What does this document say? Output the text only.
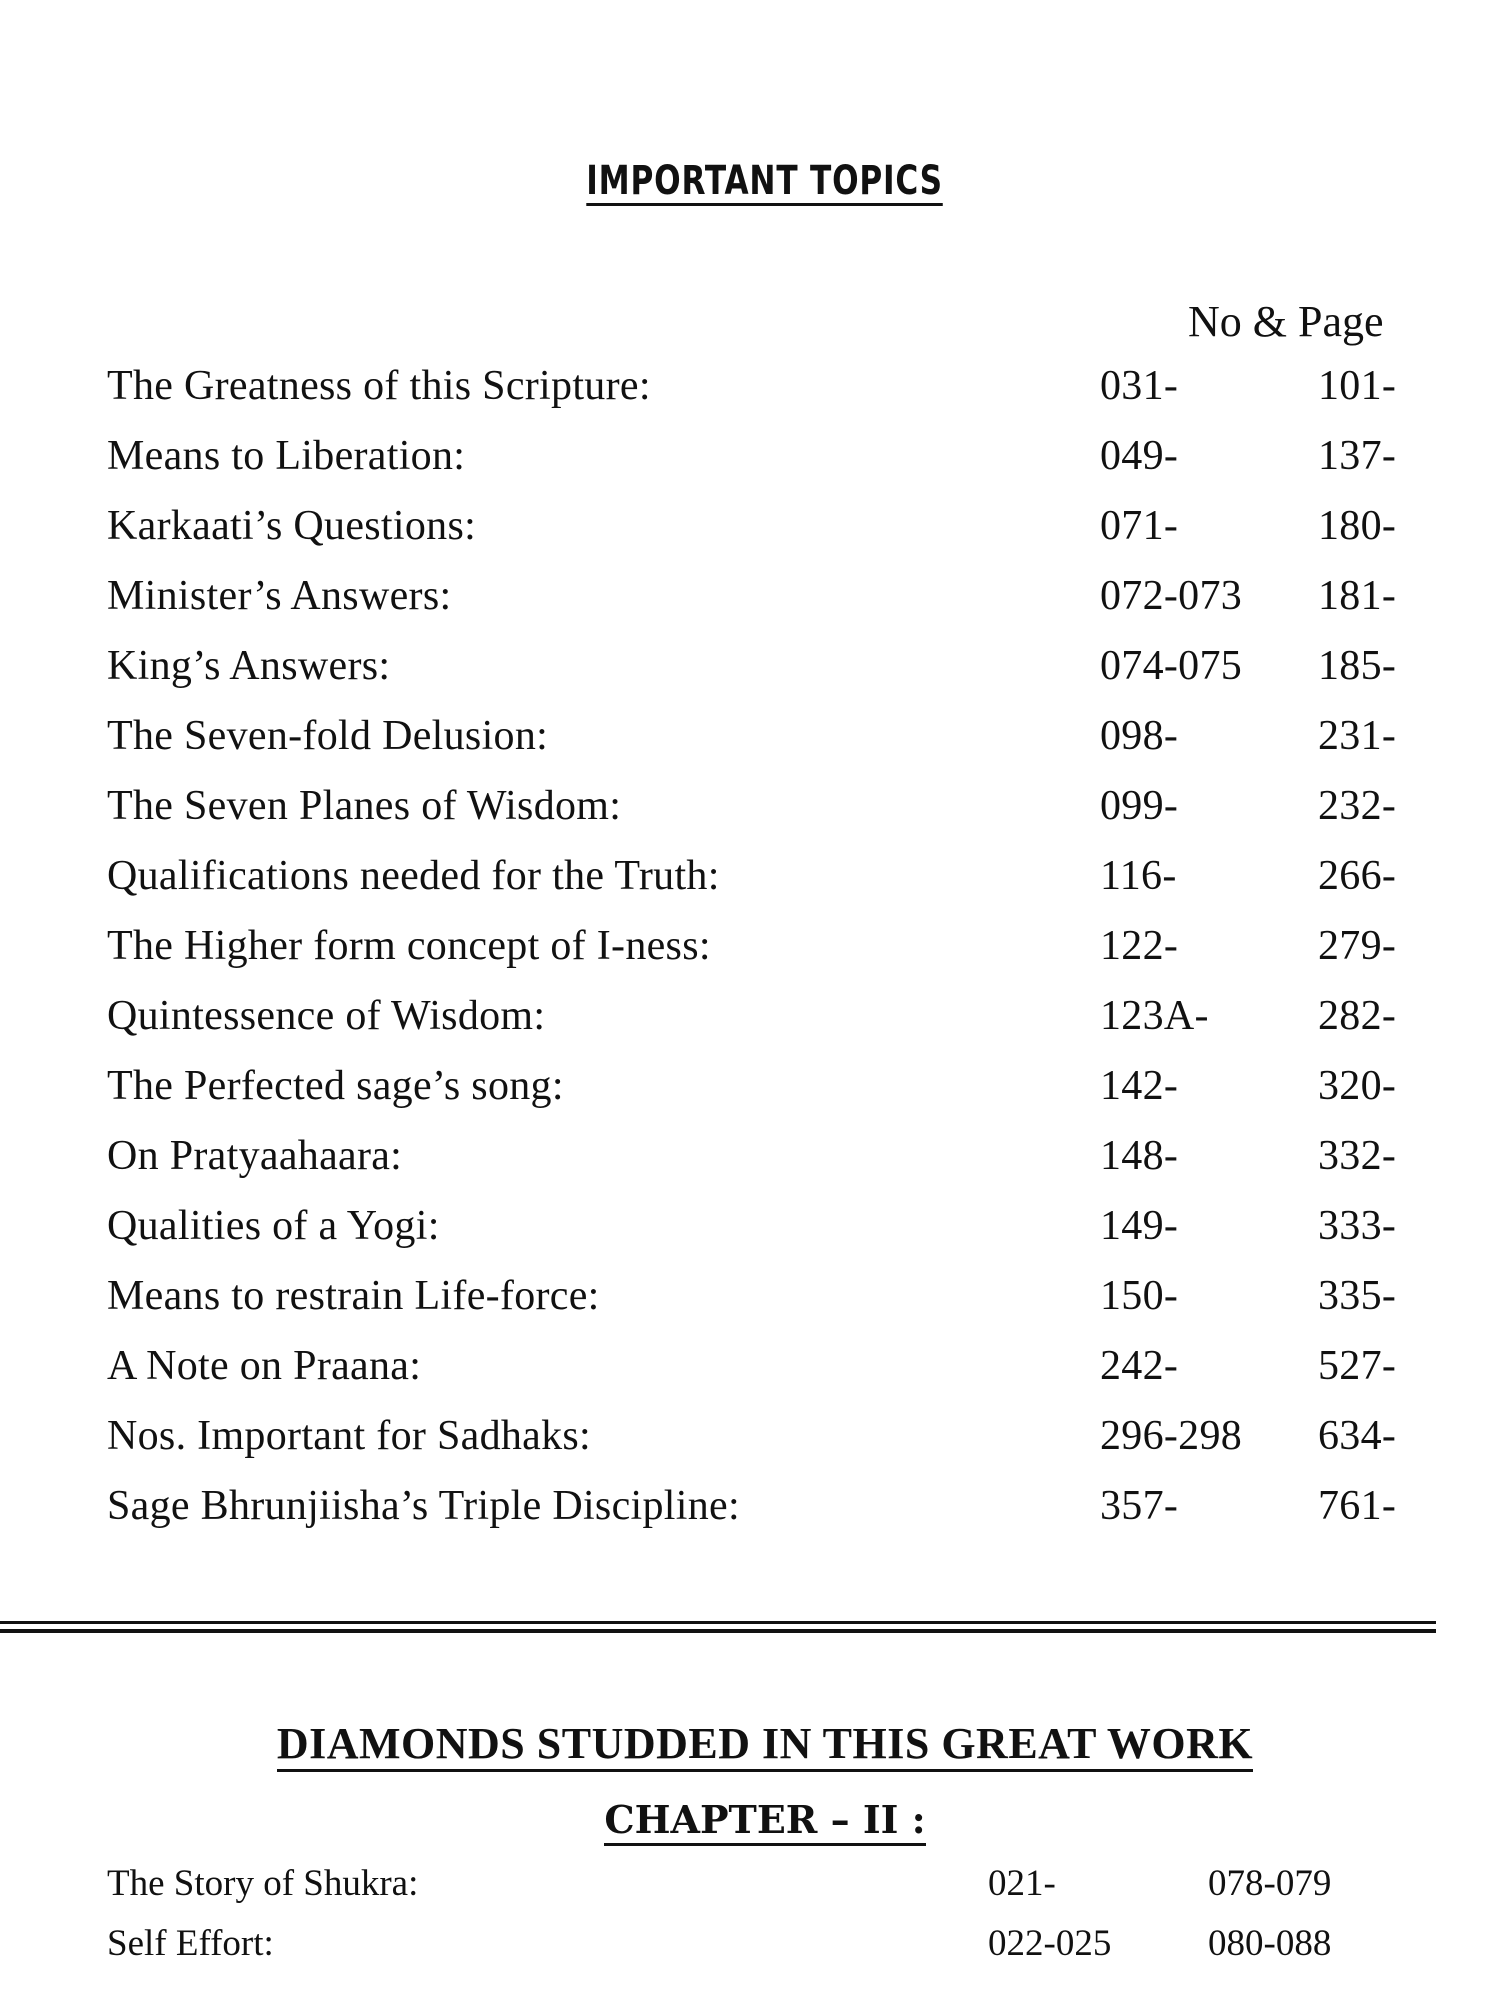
IMPORTANT TOPICS
No & Page
The Greatness of this Scripture:	031-	101-
Means to Liberation:	049-	137-
Karkaati’s Questions:	071-	180-
Minister’s Answers:	072-073 181-
King’s Answers:	074-075 185-
The Seven-fold Delusion:	098-	231-
The Seven Planes of Wisdom:	099-	232-
Qualifications needed for the Truth:	116-	266-
The Higher form concept of I-ness:	122-	279-
Quintessence of Wisdom:	123A-	282-
The Perfected sage’s song:	142-	320-
On Pratyaahaara:	148-	332-
Qualities of a Yogi:	149-	333-
Means to restrain Life-force:	150-	335-
A Note on Praana:	242-	527-
Nos. Important for Sadhaks:	296-298 634-
Sage Bhrunjiisha’s Triple Discipline:	357-	761-
DIAMONDS STUDDED IN THIS GREAT WORK
CHAPTER – II :
The Story of Shukra:	021-	078-079
Self Effort:	022-025	080-088
